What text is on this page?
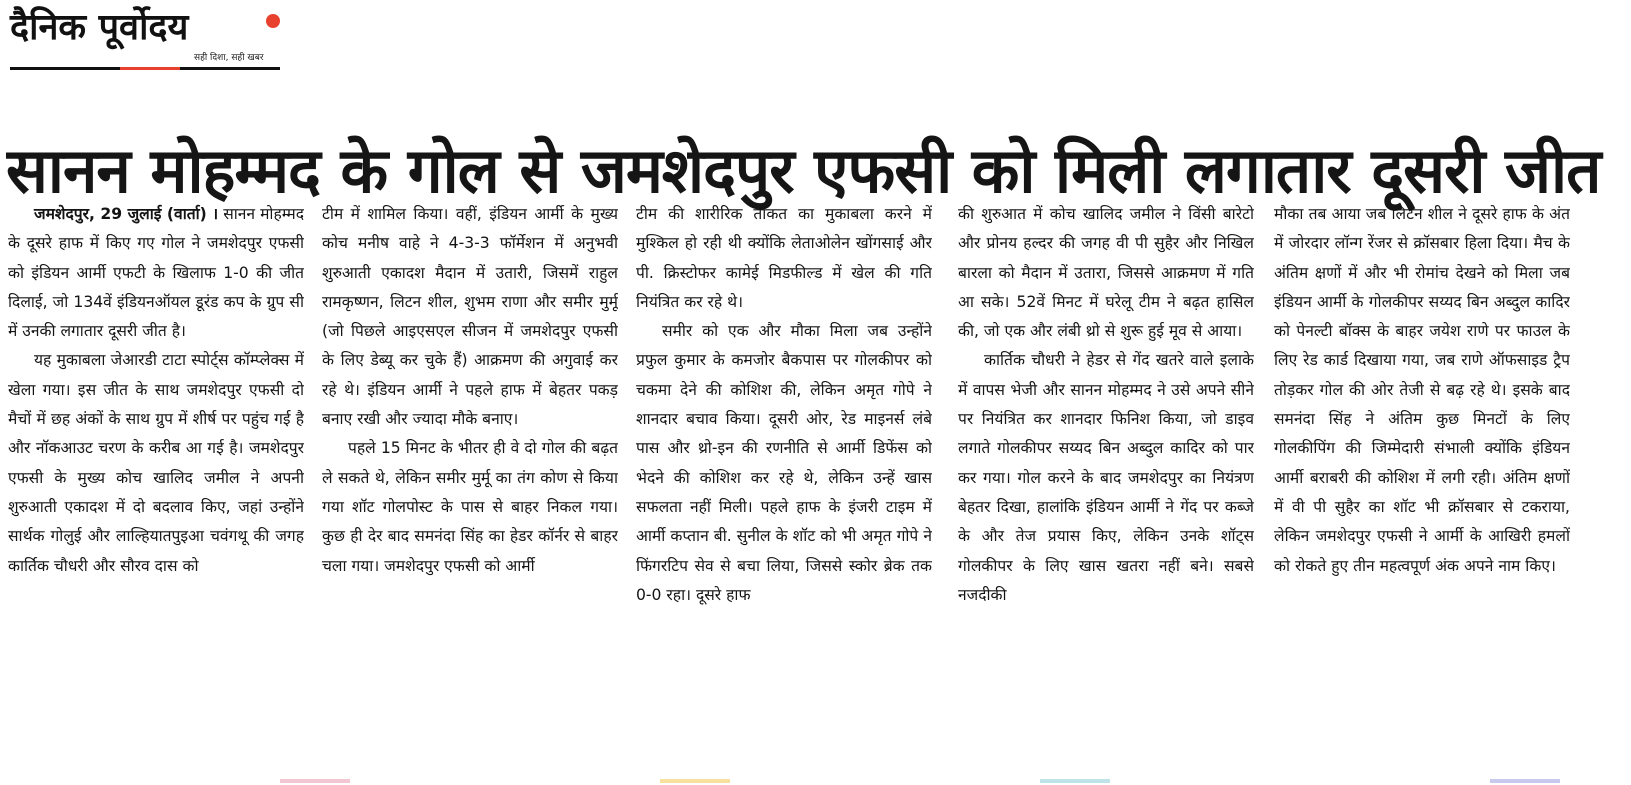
दैनिक पूर्वोदय
सही दिशा, सही खबर
सानन मोहम्मद के गोल से जमशेदपुर एफसी को मिली लगातार दूसरी जीत

जमशेदपुर, 29 जुलाई (वार्ता) । सानन मोहम्मद के दूसरे हाफ में किए गए गोल ने जमशेदपुर एफसी को इंडियन आर्मी एफटी के खिलाफ 1-0 की जीत दिलाई, जो 134वें इंडियनऑयल डूरंड कप के ग्रुप सी में उनकी लगातार दूसरी जीत है।

यह मुकाबला जेआरडी टाटा स्पोर्ट्स कॉम्प्लेक्स में खेला गया। इस जीत के साथ जमशेदपुर एफसी दो मैचों में छह अंकों के साथ ग्रुप में शीर्ष पर पहुंच गई है और नॉकआउट चरण के करीब आ गई है। जमशेदपुर एफसी के मुख्य कोच खालिद जमील ने अपनी शुरुआती एकादश में दो बदलाव किए, जहां उन्होंने सार्थक गोलुई और लाल्हियातपुइआ चवंगथू की जगह कार्तिक चौधरी और सौरव दास को

टीम में शामिल किया। वहीं, इंडियन आर्मी के मुख्य कोच मनीष वाहे ने 4-3-3 फॉर्मेशन में अनुभवी शुरुआती एकादश मैदान में उतारी, जिसमें राहुल रामकृष्णन, लिटन शील, शुभम राणा और समीर मुर्मू (जो पिछले आइएसएल सीजन में जमशेदपुर एफसी के लिए डेब्यू कर चुके हैं) आक्रमण की अगुवाई कर रहे थे। इंडियन आर्मी ने पहले हाफ में बेहतर पकड़ बनाए रखी और ज्यादा मौके बनाए।

पहले 15 मिनट के भीतर ही वे दो गोल की बढ़त ले सकते थे, लेकिन समीर मुर्मू का तंग कोण से किया गया शॉट गोलपोस्ट के पास से बाहर निकल गया। कुछ ही देर बाद समनंदा सिंह का हेडर कॉर्नर से बाहर चला गया। जमशेदपुर एफसी को आर्मी

टीम की शारीरिक ताकत का मुकाबला करने में मुश्किल हो रही थी क्योंकि लेताओलेन खोंगसाई और पी. क्रिस्टोफर कामेई मिडफील्ड में खेल की गति नियंत्रित कर रहे थे।

समीर को एक और मौका मिला जब उन्होंने प्रफुल कुमार के कमजोर बैकपास पर गोलकीपर को चकमा देने की कोशिश की, लेकिन अमृत गोपे ने शानदार बचाव किया। दूसरी ओर, रेड माइनर्स लंबे पास और थ्रो-इन की रणनीति से आर्मी डिफेंस को भेदने की कोशिश कर रहे थे, लेकिन उन्हें खास सफलता नहीं मिली। पहले हाफ के इंजरी टाइम में आर्मी कप्तान बी. सुनील के शॉट को भी अमृत गोपे ने फिंगरटिप सेव से बचा लिया, जिससे स्कोर ब्रेक तक 0-0 रहा। दूसरे हाफ

की शुरुआत में कोच खालिद जमील ने विंसी बारेटो और प्रोनय हल्दर की जगह वी पी सुहैर और निखिल बारला को मैदान में उतारा, जिससे आक्रमण में गति आ सके। 52वें मिनट में घरेलू टीम ने बढ़त हासिल की, जो एक और लंबी थ्रो से शुरू हुई मूव से आया।

कार्तिक चौधरी ने हेडर से गेंद खतरे वाले इलाके में वापस भेजी और सानन मोहम्मद ने उसे अपने सीने पर नियंत्रित कर शानदार फिनिश किया, जो डाइव लगाते गोलकीपर सय्यद बिन अब्दुल कादिर को पार कर गया। गोल करने के बाद जमशेदपुर का नियंत्रण बेहतर दिखा, हालांकि इंडियन आर्मी ने गेंद पर कब्जे के और तेज प्रयास किए, लेकिन उनके शॉट्स गोलकीपर के लिए खास खतरा नहीं बने। सबसे नजदीकी

मौका तब आया जब लिटन शील ने दूसरे हाफ के अंत में जोरदार लॉन्ग रेंजर से क्रॉसबार हिला दिया। मैच के अंतिम क्षणों में और भी रोमांच देखने को मिला जब इंडियन आर्मी के गोलकीपर सय्यद बिन अब्दुल कादिर को पेनल्टी बॉक्स के बाहर जयेश राणे पर फाउल के लिए रेड कार्ड दिखाया गया, जब राणे ऑफसाइड ट्रैप तोड़कर गोल की ओर तेजी से बढ़ रहे थे। इसके बाद समनंदा सिंह ने अंतिम कुछ मिनटों के लिए गोलकीपिंग की जिम्मेदारी संभाली क्योंकि इंडियन आर्मी बराबरी की कोशिश में लगी रही। अंतिम क्षणों में वी पी सुहैर का शॉट भी क्रॉसबार से टकराया, लेकिन जमशेदपुर एफसी ने आर्मी के आखिरी हमलों को रोकते हुए तीन महत्वपूर्ण अंक अपने नाम किए।
